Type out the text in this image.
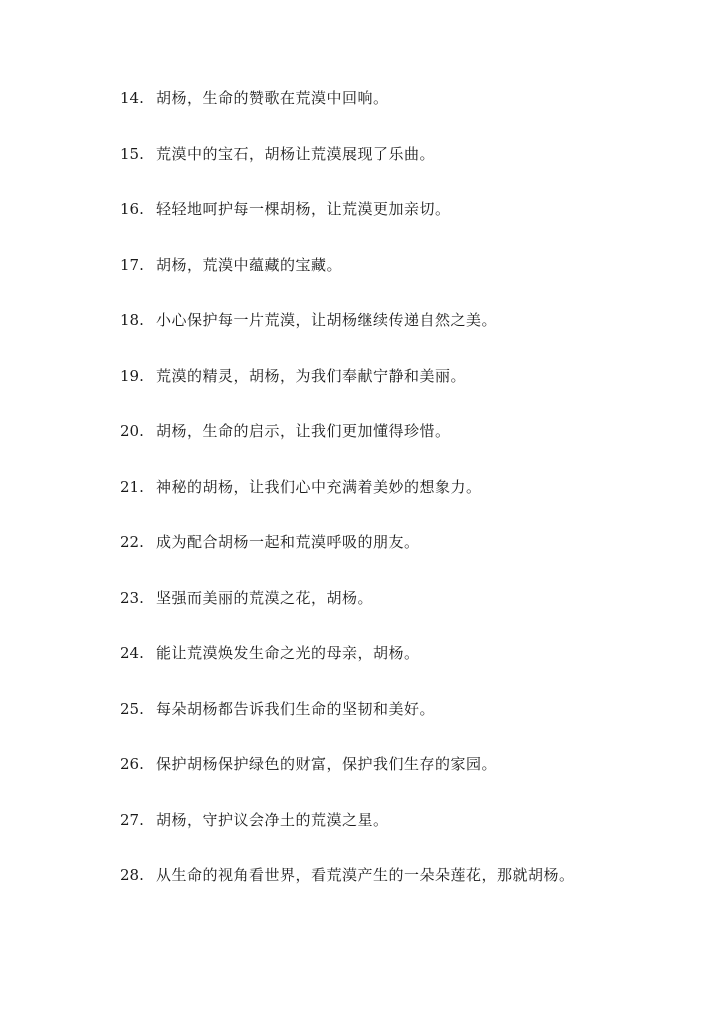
14. 胡杨，生命的赞歌在荒漠中回响。
15. 荒漠中的宝石，胡杨让荒漠展现了乐曲。
16. 轻轻地呵护每一棵胡杨，让荒漠更加亲切。
17. 胡杨，荒漠中蕴藏的宝藏。
18. 小心保护每一片荒漠，让胡杨继续传递自然之美。
19. 荒漠的精灵，胡杨，为我们奉献宁静和美丽。
20. 胡杨，生命的启示，让我们更加懂得珍惜。
21. 神秘的胡杨，让我们心中充满着美妙的想象力。
22. 成为配合胡杨一起和荒漠呼吸的朋友。
23. 坚强而美丽的荒漠之花，胡杨。
24. 能让荒漠焕发生命之光的母亲，胡杨。
25. 每朵胡杨都告诉我们生命的坚韧和美好。
26. 保护胡杨保护绿色的财富，保护我们生存的家园。
27. 胡杨，守护议会净土的荒漠之星。
28. 从生命的视角看世界，看荒漠产生的一朵朵莲花，那就胡杨。
